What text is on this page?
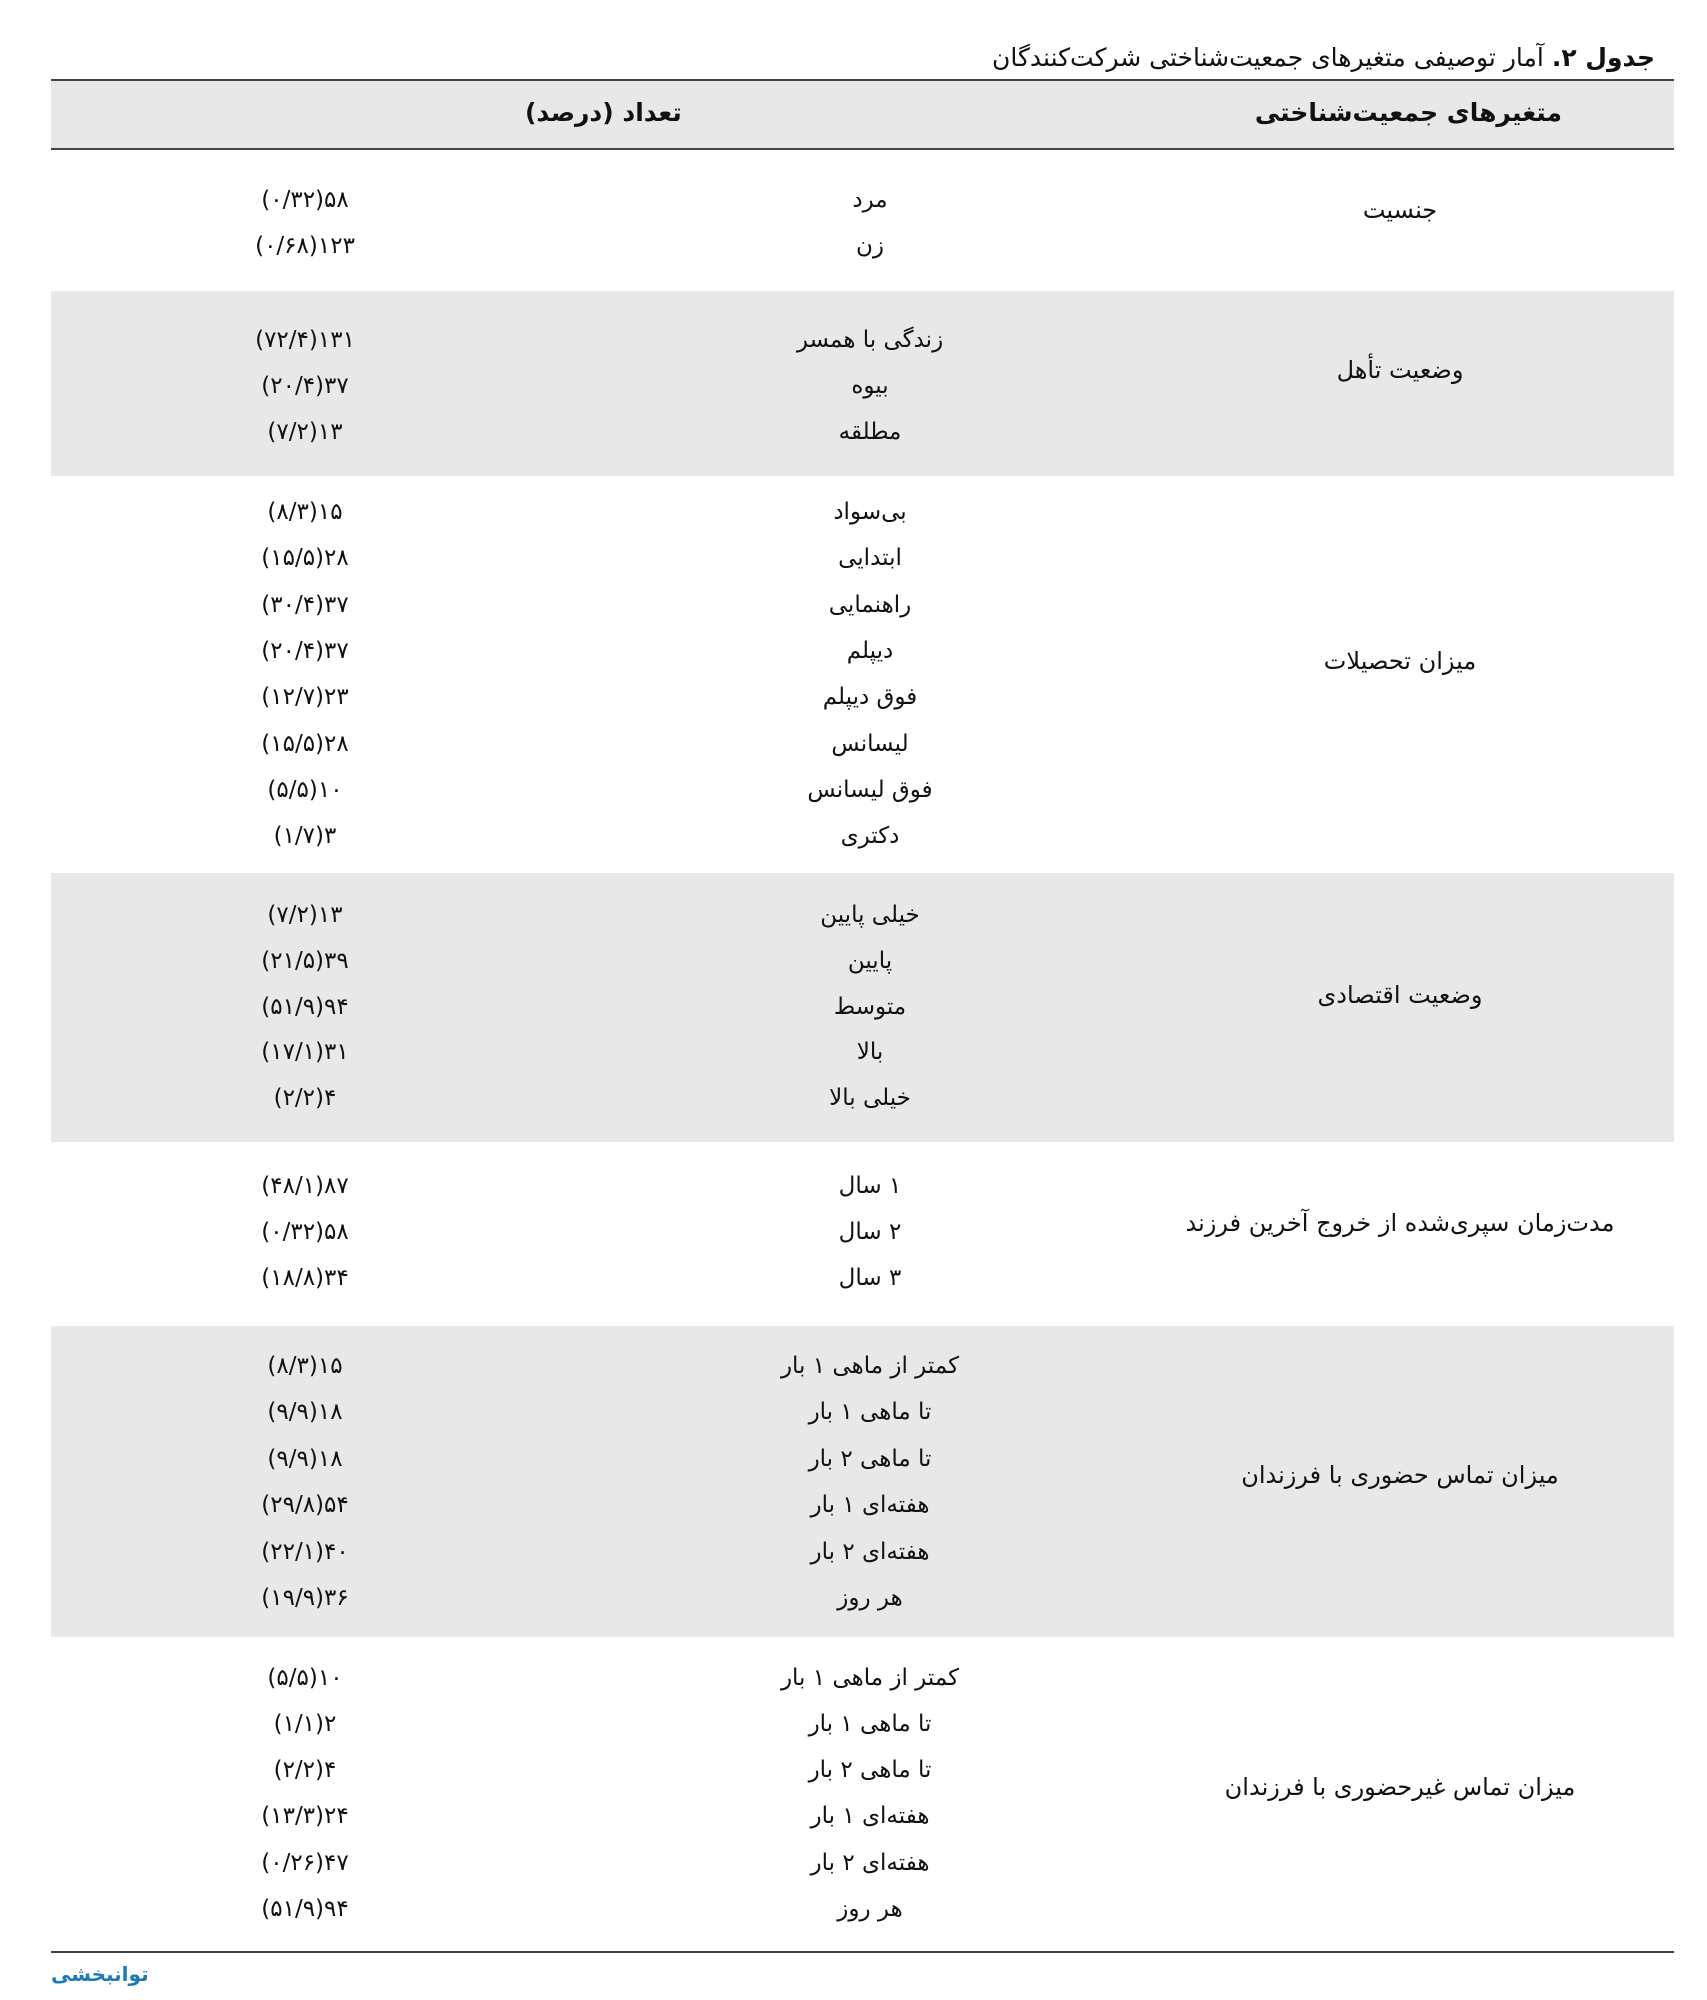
جدول ۲. آمار توصیفی متغیرهای جمعیت‌شناختی شرکت‌کنندگان
متغیرهای جمعیت‌شناختی
تعداد (درصد)
توانبخشی
جنسیت
مرد
۵۸(۰/۳۲)
زن
۱۲۳(۰/۶۸)
وضعیت تأهل
زندگی با همسر
۱۳۱(۷۲/۴)
بیوه
۳۷(۲۰/۴)
مطلقه
۱۳(۷/۲)
میزان تحصیلات
بی‌سواد
۱۵(۸/۳)
ابتدایی
۲۸(۱۵/۵)
راهنمایی
۳۷(۳۰/۴)
دیپلم
۳۷(۲۰/۴)
فوق دیپلم
۲۳(۱۲/۷)
لیسانس
۲۸(۱۵/۵)
فوق لیسانس
۱۰(۵/۵)
دکتری
۳(۱/۷)
وضعیت اقتصادی
خیلی پایین
۱۳(۷/۲)
پایین
۳۹(۲۱/۵)
متوسط
۹۴(۵۱/۹)
بالا
۳۱(۱۷/۱)
خیلی بالا
۴(۲/۲)
مدت‌زمان سپری‌شده از خروج آخرین فرزند
۱ سال
۸۷(۴۸/۱)
۲ سال
۵۸(۰/۳۲)
۳ سال
۳۴(۱۸/۸)
میزان تماس حضوری با فرزندان
کمتر از ماهی ۱ بار
۱۵(۸/۳)
تا ماهی ۱ بار
۱۸(۹/۹)
تا ماهی ۲ بار
۱۸(۹/۹)
هفته‌ای ۱ بار
۵۴(۲۹/۸)
هفته‌ای ۲ بار
۴۰(۲۲/۱)
هر روز
۳۶(۱۹/۹)
میزان تماس غیرحضوری با فرزندان
کمتر از ماهی ۱ بار
۱۰(۵/۵)
تا ماهی ۱ بار
۲(۱/۱)
تا ماهی ۲ بار
۴(۲/۲)
هفته‌ای ۱ بار
۲۴(۱۳/۳)
هفته‌ای ۲ بار
۴۷(۰/۲۶)
هر روز
۹۴(۵۱/۹)
